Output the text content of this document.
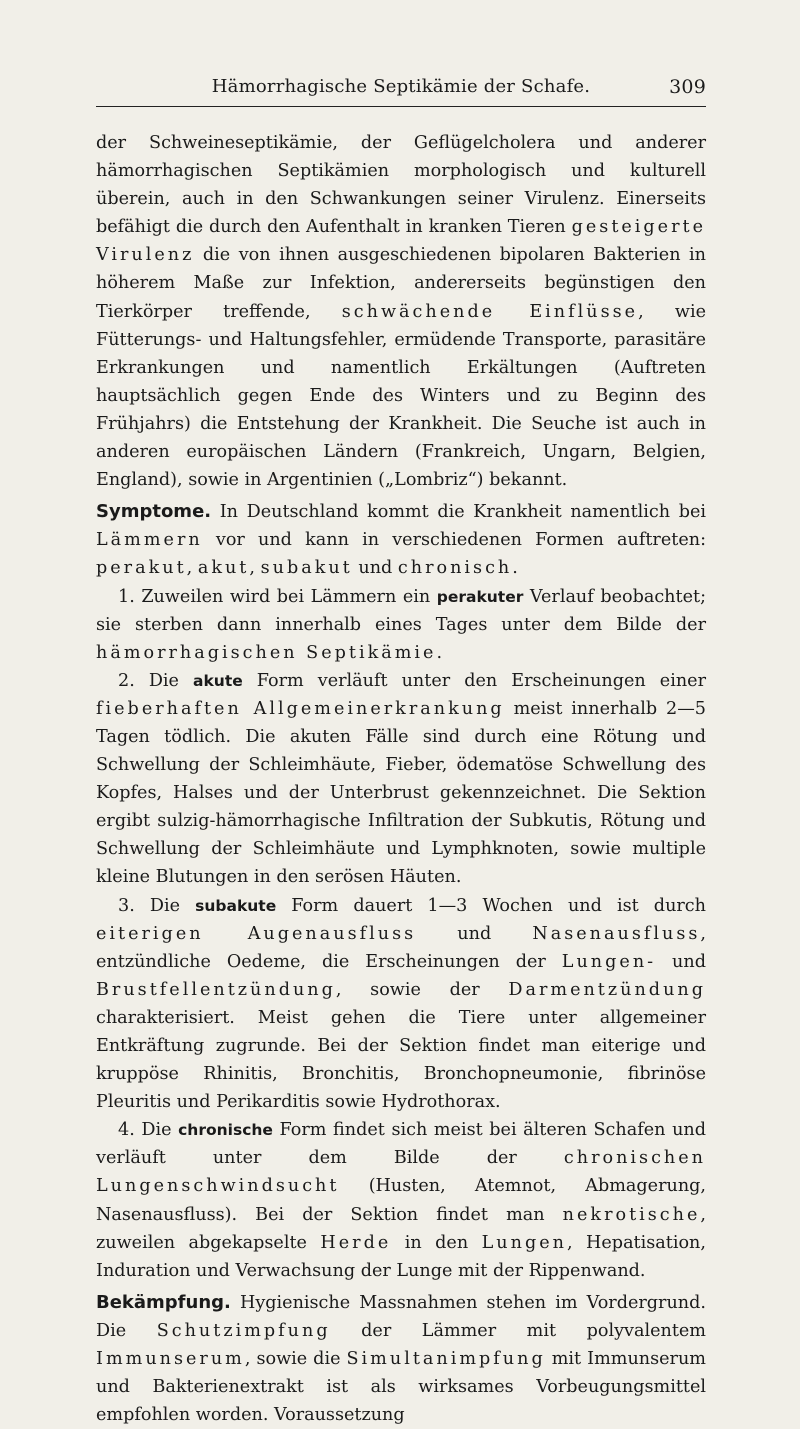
Hämorrhagische Septikämie der Schafe.	309

der Schweineseptikämie, der Geflügelcholera und anderer hämorrhagischen Septikämien morphologisch und kulturell überein, auch in den Schwankungen seiner Virulenz. Einerseits befähigt die durch den Aufenthalt in kranken Tieren gesteigerte Virulenz die von ihnen ausgeschiedenen bipolaren Bakterien in höherem Maße zur Infektion, andererseits begünstigen den Tierkörper treffende, schwächende Einflüsse, wie Fütterungs- und Haltungsfehler, ermüdende Transporte, parasitäre Erkrankungen und namentlich Erkältungen (Auftreten hauptsächlich gegen Ende des Winters und zu Beginn des Frühjahrs) die Entstehung der Krankheit. Die Seuche ist auch in anderen europäischen Ländern (Frankreich, Ungarn, Belgien, England), sowie in Argentinien („Lombriz“) bekannt.

Symptome. In Deutschland kommt die Krankheit namentlich bei Lämmern vor und kann in verschiedenen Formen auftreten: perakut, akut, subakut und chronisch.

1. Zuweilen wird bei Lämmern ein perakuter Verlauf beobachtet; sie sterben dann innerhalb eines Tages unter dem Bilde der hämorrhagischen Septikämie.

2. Die akute Form verläuft unter den Erscheinungen einer fieberhaften Allgemeinerkrankung meist innerhalb 2—5 Tagen tödlich. Die akuten Fälle sind durch eine Rötung und Schwellung der Schleimhäute, Fieber, ödematöse Schwellung des Kopfes, Halses und der Unterbrust gekennzeichnet. Die Sektion ergibt sulzig-hämorrhagische Infiltration der Subkutis, Rötung und Schwellung der Schleimhäute und Lymphknoten, sowie multiple kleine Blutungen in den serösen Häuten.

3. Die subakute Form dauert 1—3 Wochen und ist durch eiterigen Augenausfluss und Nasenausfluss, entzündliche Oedeme, die Erscheinungen der Lungen- und Brustfellentzündung, sowie der Darmentzündung charakterisiert. Meist gehen die Tiere unter allgemeiner Entkräftung zugrunde. Bei der Sektion findet man eiterige und kruppöse Rhinitis, Bronchitis, Bronchopneumonie, fibrinöse Pleuritis und Perikarditis sowie Hydrothorax.

4. Die chronische Form findet sich meist bei älteren Schafen und verläuft unter dem Bilde der chronischen Lungenschwindsucht (Husten, Atemnot, Abmagerung, Nasenausfluss). Bei der Sektion findet man nekrotische, zuweilen abgekapselte Herde in den Lungen, Hepatisation, Induration und Verwachsung der Lunge mit der Rippenwand.

Bekämpfung. Hygienische Massnahmen stehen im Vordergrund. Die Schutzimpfung der Lämmer mit polyvalentem Immunserum, sowie die Simultanimpfung mit Immunserum und Bakterienextrakt ist als wirksames Vorbeugungsmittel empfohlen worden. Voraussetzung
